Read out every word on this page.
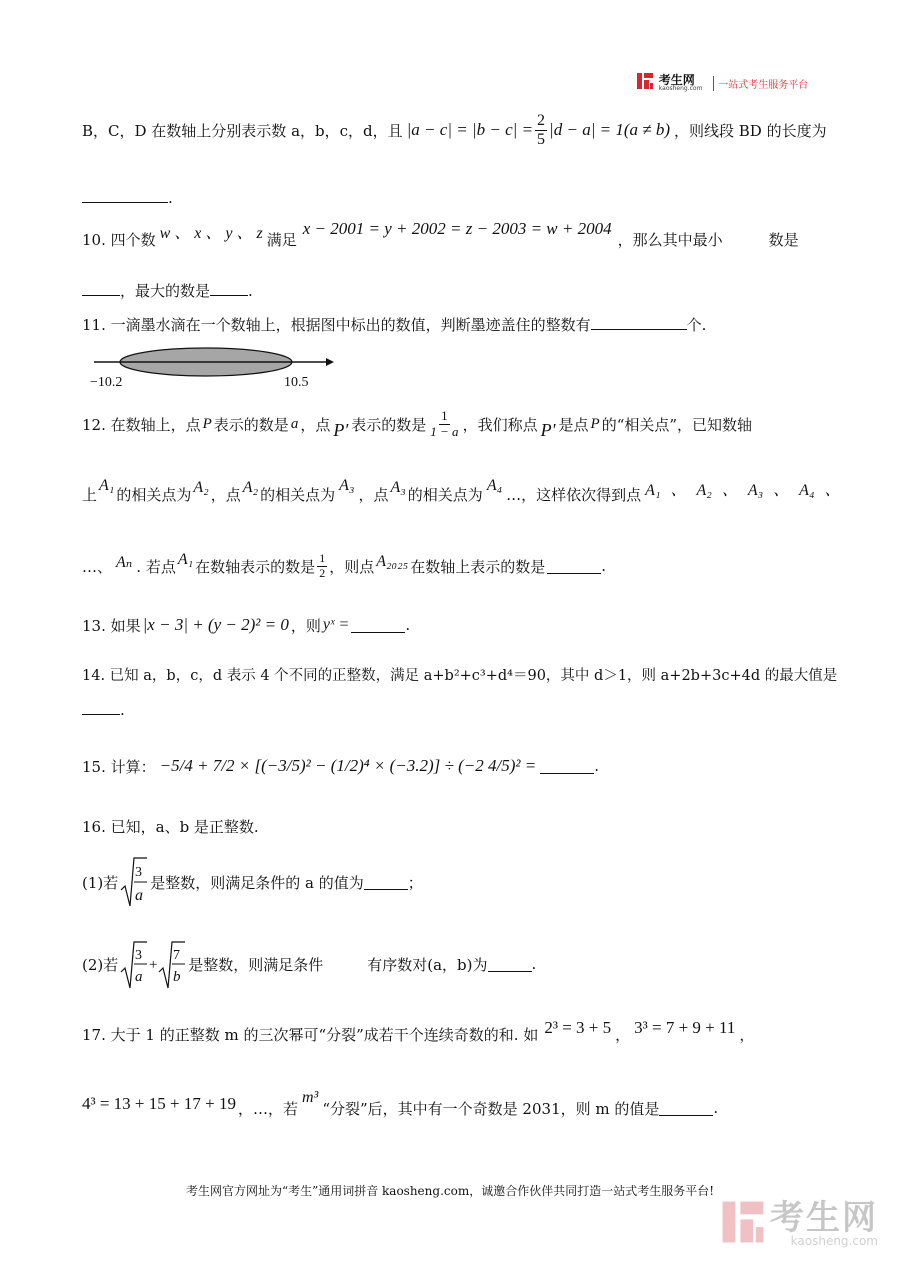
考生网
kaosheng.com 一站式考生服务平台
B，C，D 在数轴上分别表示数 a，b，c，d，且 $|a - c| = |b - c| = \frac{2}{5} |d - a| = 1(a \ne b)$ ，则线段 BD 的长度为
.
10. 四个数 w 、 x 、 y 、 z 满足
x − 2001 = y + 2002 = z − 2003 = w + 2004
，那么其中最小	数是
，最大的数是	.
11. 一滴墨水滴在一个数轴上，根据图中标出的数值，判断墨迹盖住的整数有	个.
−10.2	10.5
12. 在数轴上，点 P 表示的数是 a ，点 P′ 表示的数是 $\frac{1}{1 - a}$ ，我们称点 P′ 是点 P 的“相关点”，已知数轴
上 A₁ 的相关点为 A₂ ，点 A₂ 的相关点为 A₃ ，点 A₃ 的相关点为 A₄ …，这样依次得到点 A₁ 、 A₂ 、 A₃ 、 A₄ 、
…、 Aₙ . 若点 A₁ 在数轴表示的数是 $\frac{1}{2}$ ，则点 A₂₀₂₅ 在数轴上表示的数是	.
13. 如果 |x − 3| + (y − 2)² = 0 ，则 yˣ =	.
14. 已知 a，b，c，d 表示 4 个不同的正整数，满足 a+b²+c³+d⁴＝90，其中 d＞1，则 a+2b+3c+4d 的最大值是
.
15. 计算： −5/4 + 7/2 × [(−3/5)² − (1/2)⁴ × (−3.2)] ÷ (−2 4/5)² =	.
16. 已知，a、b 是正整数.
(1)若
3
a
是整数，则满足条件的 a 的值为	；
(2)若 3
a
+
7
b
是整数，则满足条件	有序数对(a，b)为	.
17. 大于 1 的正整数 m 的三次幂可“分裂”成若干个连续奇数的和. 如 2³ = 3 + 5 ， 3³ = 7 + 9 + 11 ，
4³ = 13 + 15 + 17 + 19 ，…，若
m³
“分裂”后，其中有一个奇数是 2031，则 m 的值是	.
考生网官方网址为“考生”通用词拼音 kaosheng.com，诚邀合作伙伴共同打造一站式考生服务平台!
考生网
kaosheng.com
